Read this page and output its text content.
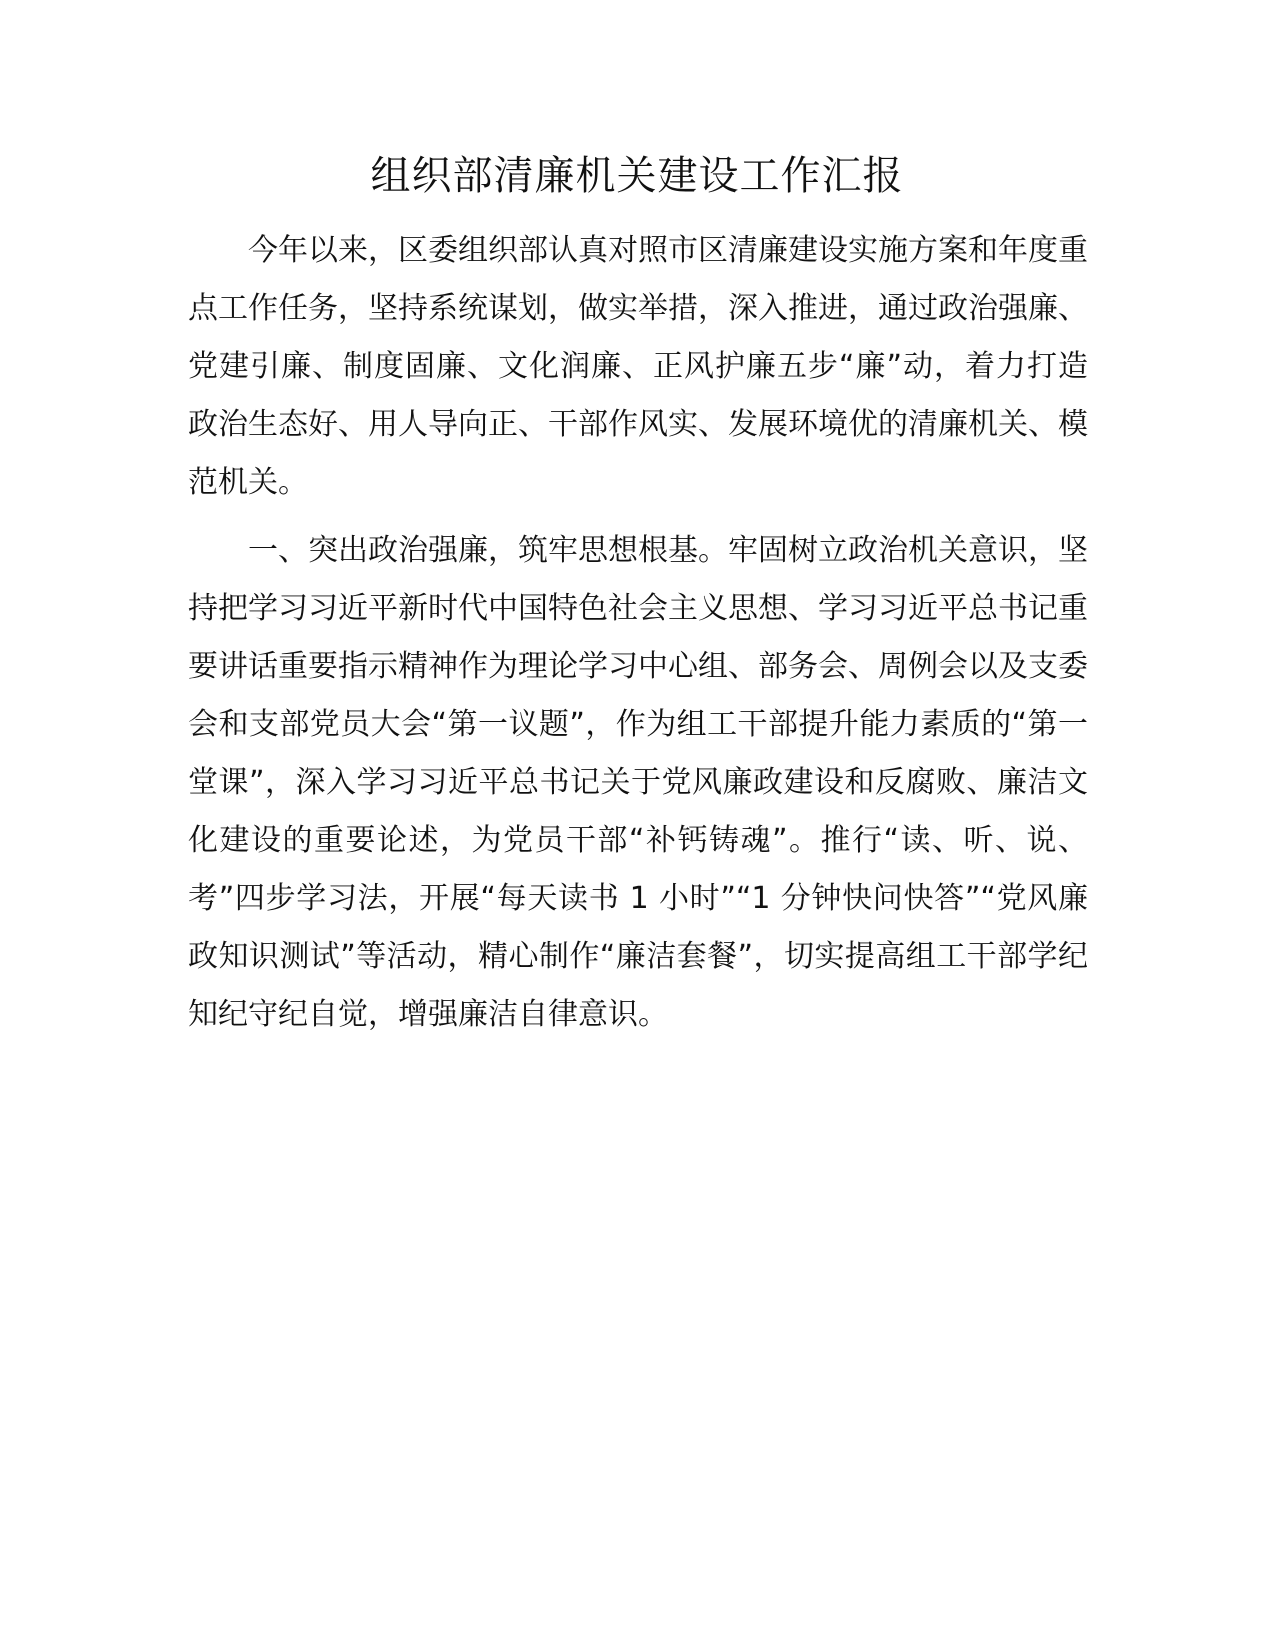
组织部清廉机关建设工作汇报

今年以来，区委组织部认真对照市区清廉建设实施方案和年度重点工作任务，坚持系统谋划，做实举措，深入推进，通过政治强廉、党建引廉、制度固廉、文化润廉、正风护廉五步“廉”动，着力打造政治生态好、用人导向正、干部作风实、发展环境优的清廉机关、模范机关。

一、突出政治强廉，筑牢思想根基。牢固树立政治机关意识，坚持把学习习近平新时代中国特色社会主义思想、学习习近平总书记重要讲话重要指示精神作为理论学习中心组、部务会、周例会以及支委会和支部党员大会“第一议题”，作为组工干部提升能力素质的“第一堂课”，深入学习习近平总书记关于党风廉政建设和反腐败、廉洁文化建设的重要论述，为党员干部“补钙铸魂”。推行“读、听、说、考”四步学习法，开展“每天读书 1 小时”“1 分钟快问快答”“党风廉政知识测试”等活动，精心制作“廉洁套餐”，切实提高组工干部学纪知纪守纪自觉，增强廉洁自律意识。
